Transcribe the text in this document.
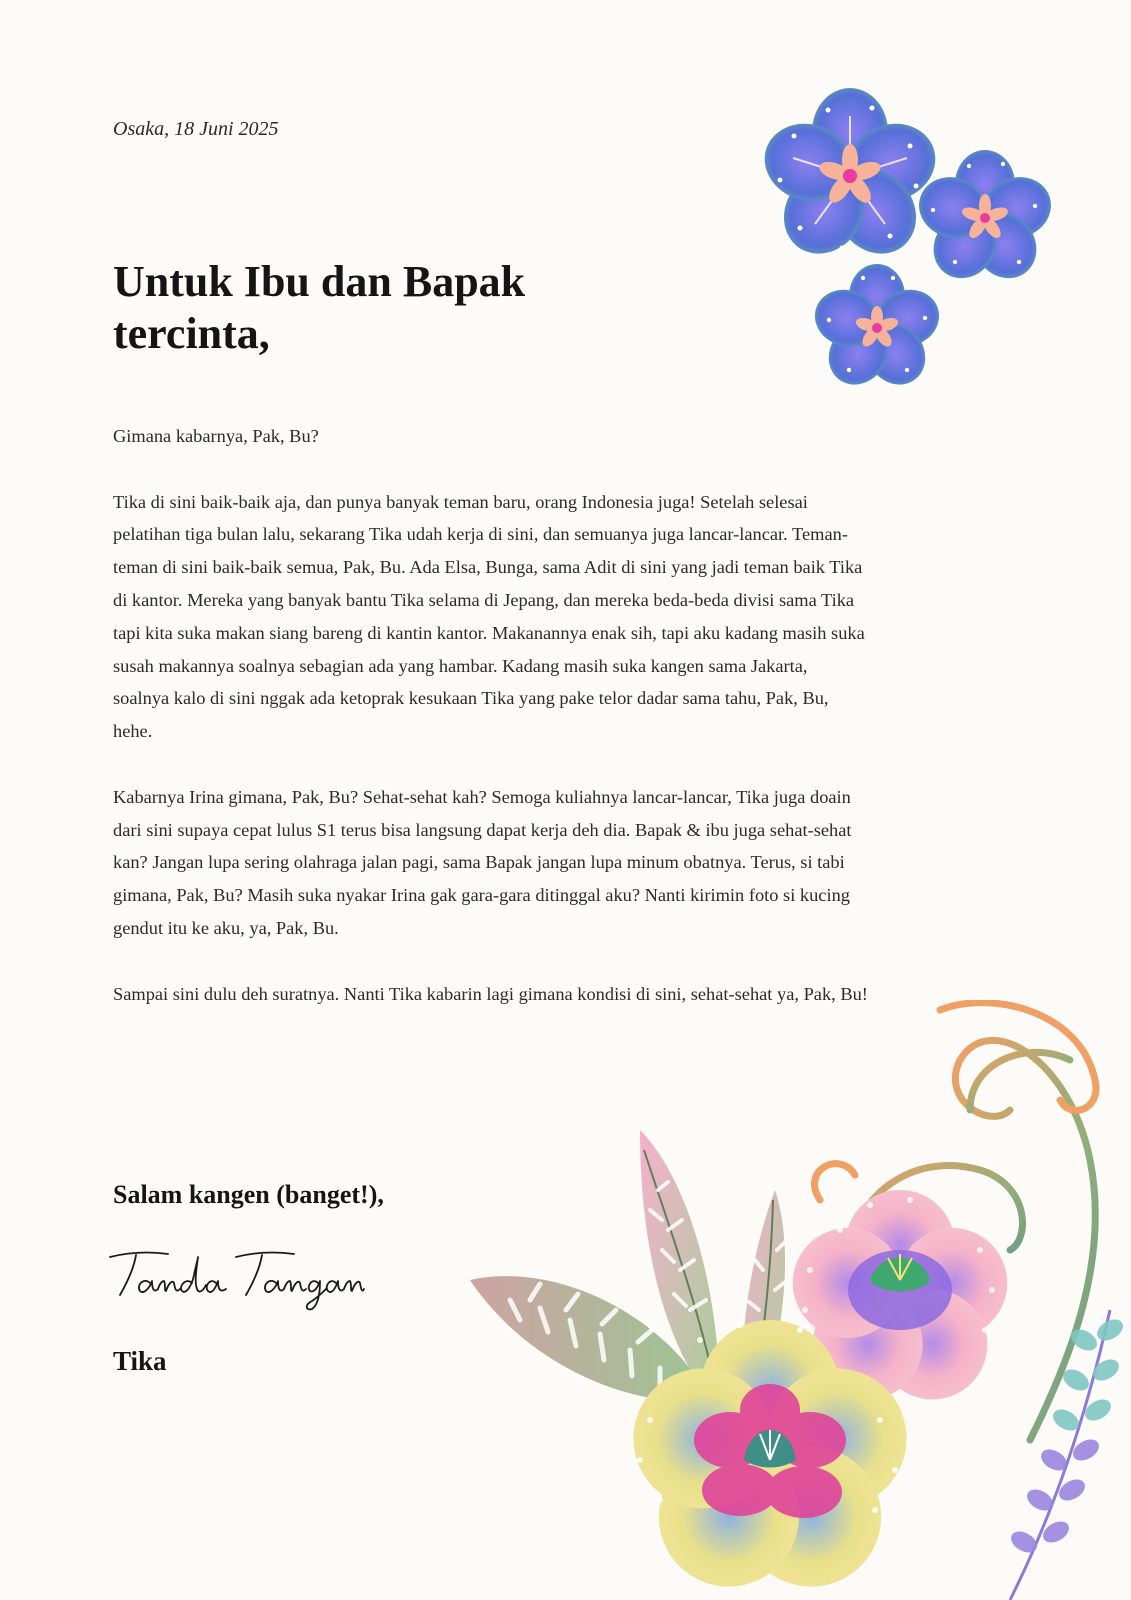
Osaka, 18 Juni 2025
Untuk Ibu dan Bapak
tercinta,

Gimana kabarnya, Pak, Bu?

Tika di sini baik-baik aja, dan punya banyak teman baru, orang Indonesia juga! Setelah selesai pelatihan tiga bulan lalu, sekarang Tika udah kerja di sini, dan semuanya juga lancar-lancar. Teman-teman di sini baik-baik semua, Pak, Bu. Ada Elsa, Bunga, sama Adit di sini yang jadi teman baik Tika di kantor. Mereka yang banyak bantu Tika selama di Jepang, dan mereka beda-beda divisi sama Tika tapi kita suka makan siang bareng di kantin kantor. Makanannya enak sih, tapi aku kadang masih suka susah makannya soalnya sebagian ada yang hambar. Kadang masih suka kangen sama Jakarta, soalnya kalo di sini nggak ada ketoprak kesukaan Tika yang pake telor dadar sama tahu, Pak, Bu, hehe.

Kabarnya Irina gimana, Pak, Bu? Sehat-sehat kah? Semoga kuliahnya lancar-lancar, Tika juga doain dari sini supaya cepat lulus S1 terus bisa langsung dapat kerja deh dia. Bapak & ibu juga sehat-sehat kan? Jangan lupa sering olahraga jalan pagi, sama Bapak jangan lupa minum obatnya. Terus, si tabi gimana, Pak, Bu? Masih suka nyakar Irina gak gara-gara ditinggal aku? Nanti kirimin foto si kucing gendut itu ke aku, ya, Pak, Bu.

Sampai sini dulu deh suratnya. Nanti Tika kabarin lagi gimana kondisi di sini, sehat-sehat ya, Pak, Bu!

Salam kangen (banget!),
Tika
